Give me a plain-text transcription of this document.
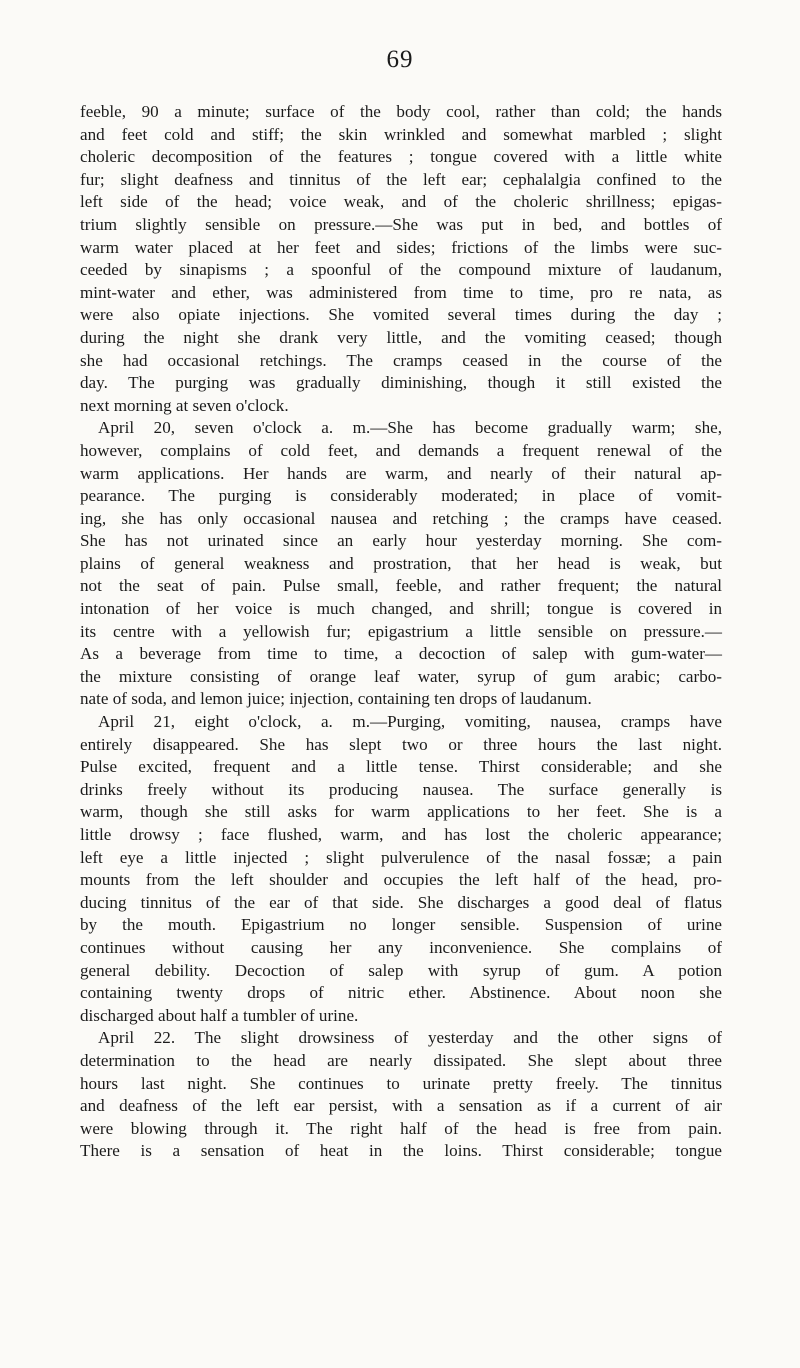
69
feeble, 90 a minute; surface of the body cool, rather than cold; the hands
and feet cold and stiff; the skin wrinkled and somewhat marbled ; slight
choleric decomposition of the features ; tongue covered with a little white
fur; slight deafness and tinnitus of the left ear; cephalalgia confined to the
left side of the head; voice weak, and of the choleric shrillness; epigas-
trium slightly sensible on pressure.—She was put in bed, and bottles of
warm water placed at her feet and sides; frictions of the limbs were suc-
ceeded by sinapisms ; a spoonful of the compound mixture of laudanum,
mint-water and ether, was administered from time to time, pro re nata, as
were also opiate injections. She vomited several times during the day ;
during the night she drank very little, and the vomiting ceased; though
she had occasional retchings. The cramps ceased in the course of the
day. The purging was gradually diminishing, though it still existed the
next morning at seven o'clock.
April 20, seven o'clock a. m.—She has become gradually warm; she,
however, complains of cold feet, and demands a frequent renewal of the
warm applications. Her hands are warm, and nearly of their natural ap-
pearance. The purging is considerably moderated; in place of vomit-
ing, she has only occasional nausea and retching ; the cramps have ceased.
She has not urinated since an early hour yesterday morning. She com-
plains of general weakness and prostration, that her head is weak, but
not the seat of pain. Pulse small, feeble, and rather frequent; the natural
intonation of her voice is much changed, and shrill; tongue is covered in
its centre with a yellowish fur; epigastrium a little sensible on pressure.—
As a beverage from time to time, a decoction of salep with gum-water—
the mixture consisting of orange leaf water, syrup of gum arabic; carbo-
nate of soda, and lemon juice; injection, containing ten drops of laudanum.
April 21, eight o'clock, a. m.—Purging, vomiting, nausea, cramps have
entirely disappeared. She has slept two or three hours the last night.
Pulse excited, frequent and a little tense. Thirst considerable; and she
drinks freely without its producing nausea. The surface generally is
warm, though she still asks for warm applications to her feet. She is a
little drowsy ; face flushed, warm, and has lost the choleric appearance;
left eye a little injected ; slight pulverulence of the nasal fossæ; a pain
mounts from the left shoulder and occupies the left half of the head, pro-
ducing tinnitus of the ear of that side. She discharges a good deal of flatus
by the mouth. Epigastrium no longer sensible. Suspension of urine
continues without causing her any inconvenience. She complains of
general debility. Decoction of salep with syrup of gum. A potion
containing twenty drops of nitric ether. Abstinence. About noon she
discharged about half a tumbler of urine.
April 22. The slight drowsiness of yesterday and the other signs of
determination to the head are nearly dissipated. She slept about three
hours last night. She continues to urinate pretty freely. The tinnitus
and deafness of the left ear persist, with a sensation as if a current of air
were blowing through it. The right half of the head is free from pain.
There is a sensation of heat in the loins. Thirst considerable; tongue
